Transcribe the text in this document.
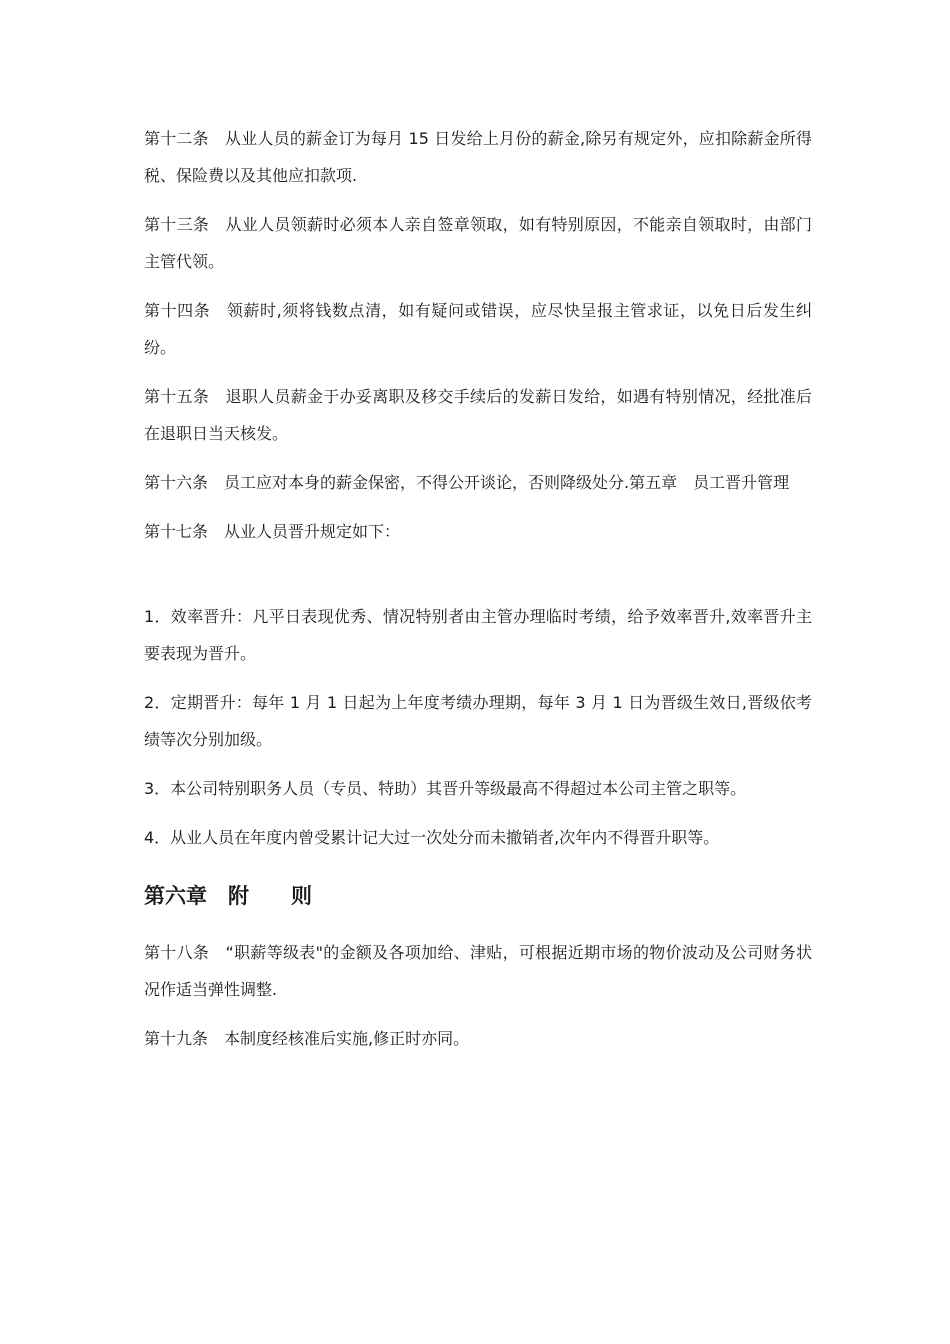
第十二条　从业人员的薪金订为每月 15 日发给上月份的薪金,除另有规定外，应扣除薪金所得税、保险费以及其他应扣款项.

第十三条　从业人员领薪时必须本人亲自签章领取，如有特别原因，不能亲自领取时，由部门主管代领。

第十四条　领薪时,须将钱数点清，如有疑问或错误，应尽快呈报主管求证，以免日后发生纠纷。

第十五条　退职人员薪金于办妥离职及移交手续后的发薪日发给，如遇有特别情况，经批准后在退职日当天核发。

第十六条　员工应对本身的薪金保密，不得公开谈论，否则降级处分.第五章　员工晋升管理

第十七条　从业人员晋升规定如下：

1．效率晋升：凡平日表现优秀、情况特别者由主管办理临时考绩，给予效率晋升,效率晋升主要表现为晋升。

2．定期晋升：每年 1 月 1 日起为上年度考绩办理期，每年 3 月 1 日为晋级生效日,晋级依考绩等次分别加级。

3．本公司特别职务人员（专员、特助）其晋升等级最高不得超过本公司主管之职等。

4．从业人员在年度内曾受累计记大过一次处分而未撤销者,次年内不得晋升职等。

第六章　附　　则

第十八条　“职薪等级表"的金额及各项加给、津贴，可根据近期市场的物价波动及公司财务状况作适当弹性调整.

第十九条　本制度经核准后实施,修正时亦同。
